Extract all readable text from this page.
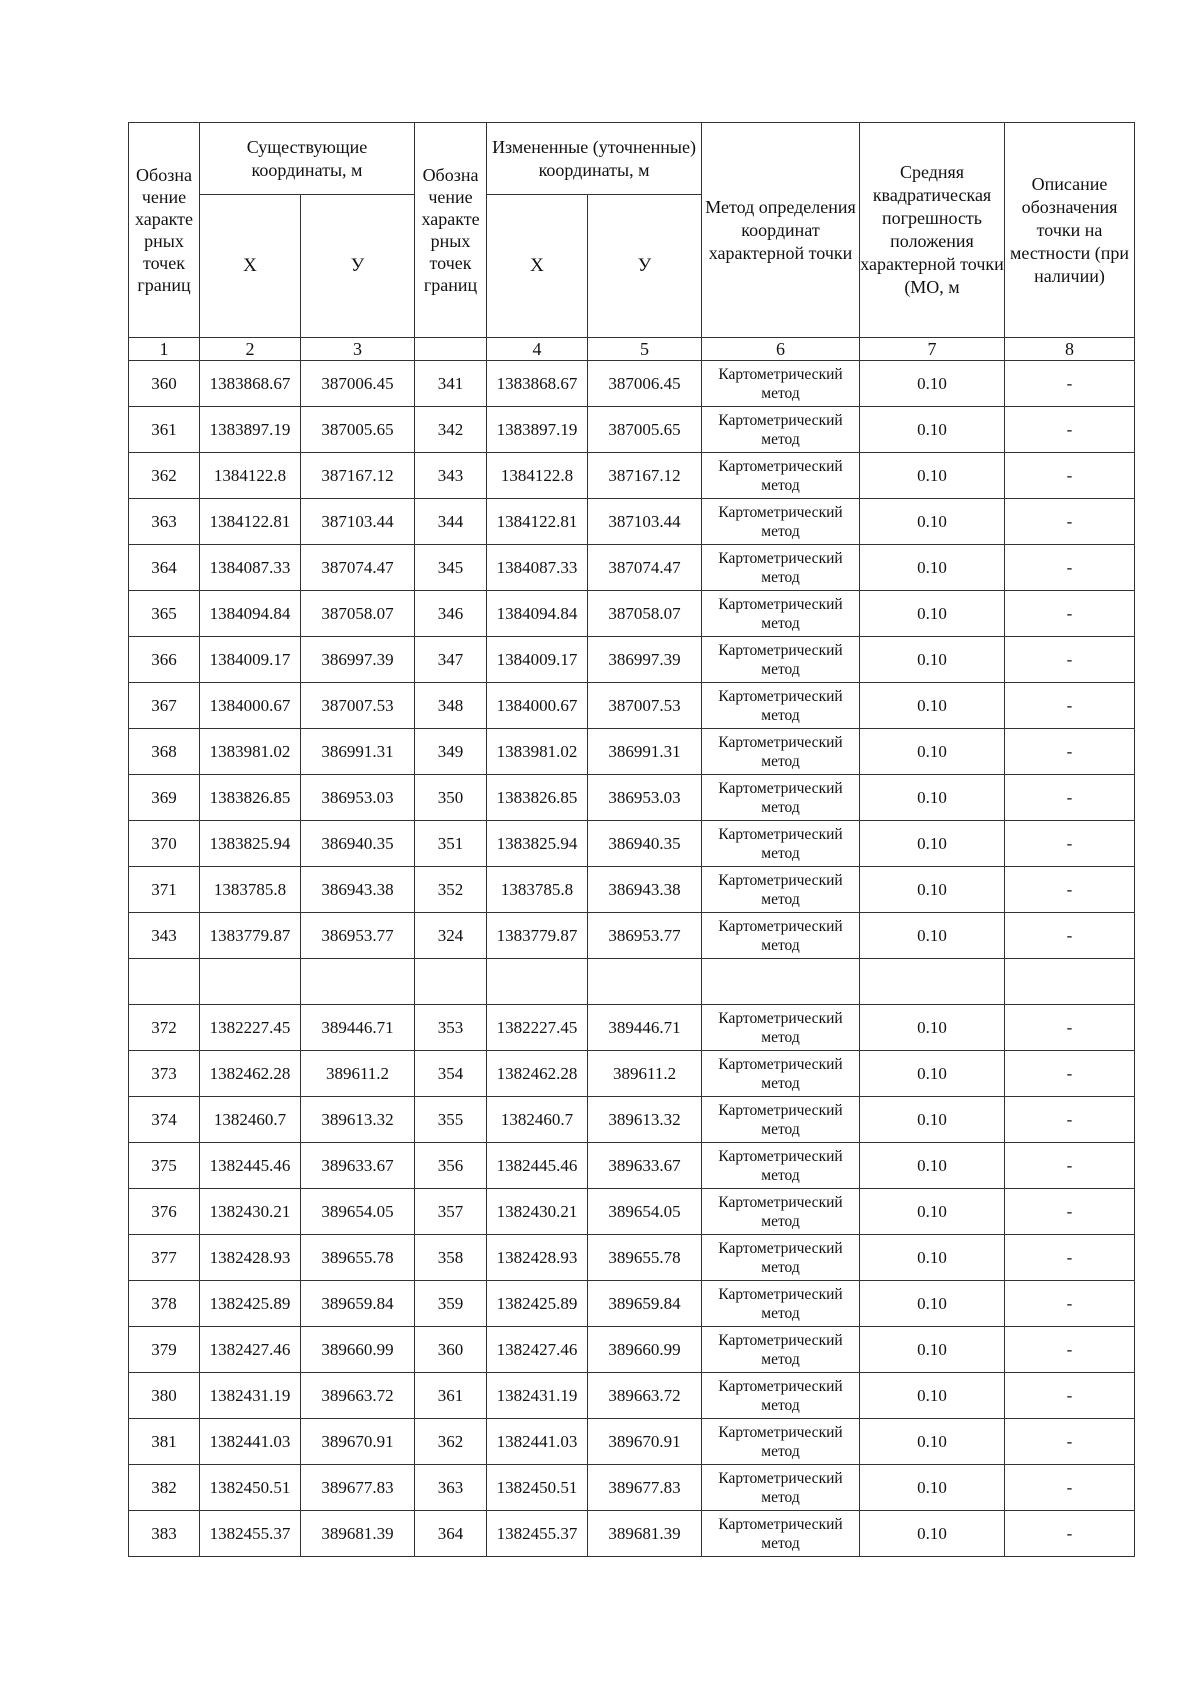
Обозна чение характе рных точек границ	Существующие координаты, м		Обозна чение характе рных точек границ	Измененные (уточненные) координаты, м		Метод определения координат характерной точки	Средняя квадратическая погрешность положения характерной точки (МО, м	Описание обозначения точки на местности (при наличии)
	Х	У		Х	У			
1	2	3		4	5	6	7	8
360	1383868.67	387006.45	341	1383868.67	387006.45	Картометрический метод	0.10	-
361	1383897.19	387005.65	342	1383897.19	387005.65	Картометрический метод	0.10	-
362	1384122.8	387167.12	343	1384122.8	387167.12	Картометрический метод	0.10	-
363	1384122.81	387103.44	344	1384122.81	387103.44	Картометрический метод	0.10	-
364	1384087.33	387074.47	345	1384087.33	387074.47	Картометрический метод	0.10	-
365	1384094.84	387058.07	346	1384094.84	387058.07	Картометрический метод	0.10	-
366	1384009.17	386997.39	347	1384009.17	386997.39	Картометрический метод	0.10	-
367	1384000.67	387007.53	348	1384000.67	387007.53	Картометрический метод	0.10	-
368	1383981.02	386991.31	349	1383981.02	386991.31	Картометрический метод	0.10	-
369	1383826.85	386953.03	350	1383826.85	386953.03	Картометрический метод	0.10	-
370	1383825.94	386940.35	351	1383825.94	386940.35	Картометрический метод	0.10	-
371	1383785.8	386943.38	352	1383785.8	386943.38	Картометрический метод	0.10	-
343	1383779.87	386953.77	324	1383779.87	386953.77	Картометрический метод	0.10	-

372	1382227.45	389446.71	353	1382227.45	389446.71	Картометрический метод	0.10	-
373	1382462.28	389611.2	354	1382462.28	389611.2	Картометрический метод	0.10	-
374	1382460.7	389613.32	355	1382460.7	389613.32	Картометрический метод	0.10	-
375	1382445.46	389633.67	356	1382445.46	389633.67	Картометрический метод	0.10	-
376	1382430.21	389654.05	357	1382430.21	389654.05	Картометрический метод	0.10	-
377	1382428.93	389655.78	358	1382428.93	389655.78	Картометрический метод	0.10	-
378	1382425.89	389659.84	359	1382425.89	389659.84	Картометрический метод	0.10	-
379	1382427.46	389660.99	360	1382427.46	389660.99	Картометрический метод	0.10	-
380	1382431.19	389663.72	361	1382431.19	389663.72	Картометрический метод	0.10	-
381	1382441.03	389670.91	362	1382441.03	389670.91	Картометрический метод	0.10	-
382	1382450.51	389677.83	363	1382450.51	389677.83	Картометрический метод	0.10	-
383	1382455.37	389681.39	364	1382455.37	389681.39	Картометрический метод	0.10	-
